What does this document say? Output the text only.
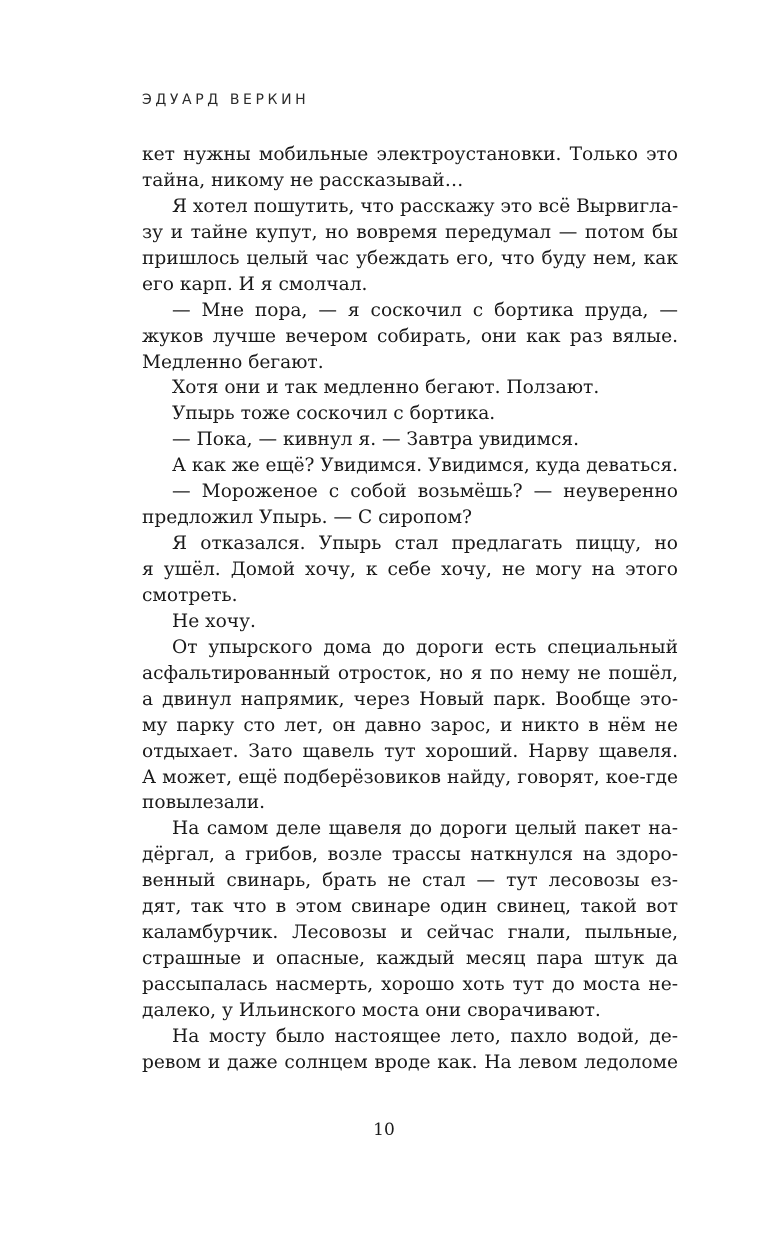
ЭДУАРД ВЕРКИН
кет нужны мобильные электроустановки. Только это
тайна, никому не рассказывай…
Я хотел пошутить, что расскажу это всё Вырвигла-
зу и тайне купут, но вовремя передумал — потом бы
пришлось целый час убеждать его, что буду нем, как
его карп. И я смолчал.
— Мне пора, — я соскочил с бортика пруда, —
жуков лучше вечером собирать, они как раз вялые.
Медленно бегают.
Хотя они и так медленно бегают. Ползают.
Упырь тоже соскочил с бортика.
— Пока, — кивнул я. — Завтра увидимся.
А как же ещё? Увидимся. Увидимся, куда деваться.
— Мороженое с собой возьмёшь? — неуверенно
предложил Упырь. — С сиропом?
Я отказался. Упырь стал предлагать пиццу, но
я ушёл. Домой хочу, к себе хочу, не могу на этого
смотреть.
Не хочу.
От упырского дома до дороги есть специальный
асфальтированный отросток, но я по нему не пошёл,
а двинул напрямик, через Новый парк. Вообще это-
му парку сто лет, он давно зарос, и никто в нём не
отдыхает. Зато щавель тут хороший. Нарву щавеля.
А может, ещё подберёзовиков найду, говорят, кое-где
повылезали.
На самом деле щавеля до дороги целый пакет на-
дёргал, а грибов, возле трассы наткнулся на здоро-
венный свинарь, брать не стал — тут лесовозы ез-
дят, так что в этом свинаре один свинец, такой вот
каламбурчик. Лесовозы и сейчас гнали, пыльные,
страшные и опасные, каждый месяц пара штук да
рассыпалась насмерть, хорошо хоть тут до моста не-
далеко, у Ильинского моста они сворачивают.
На мосту было настоящее лето, пахло водой, де-
ревом и даже солнцем вроде как. На левом ледоломе
10
